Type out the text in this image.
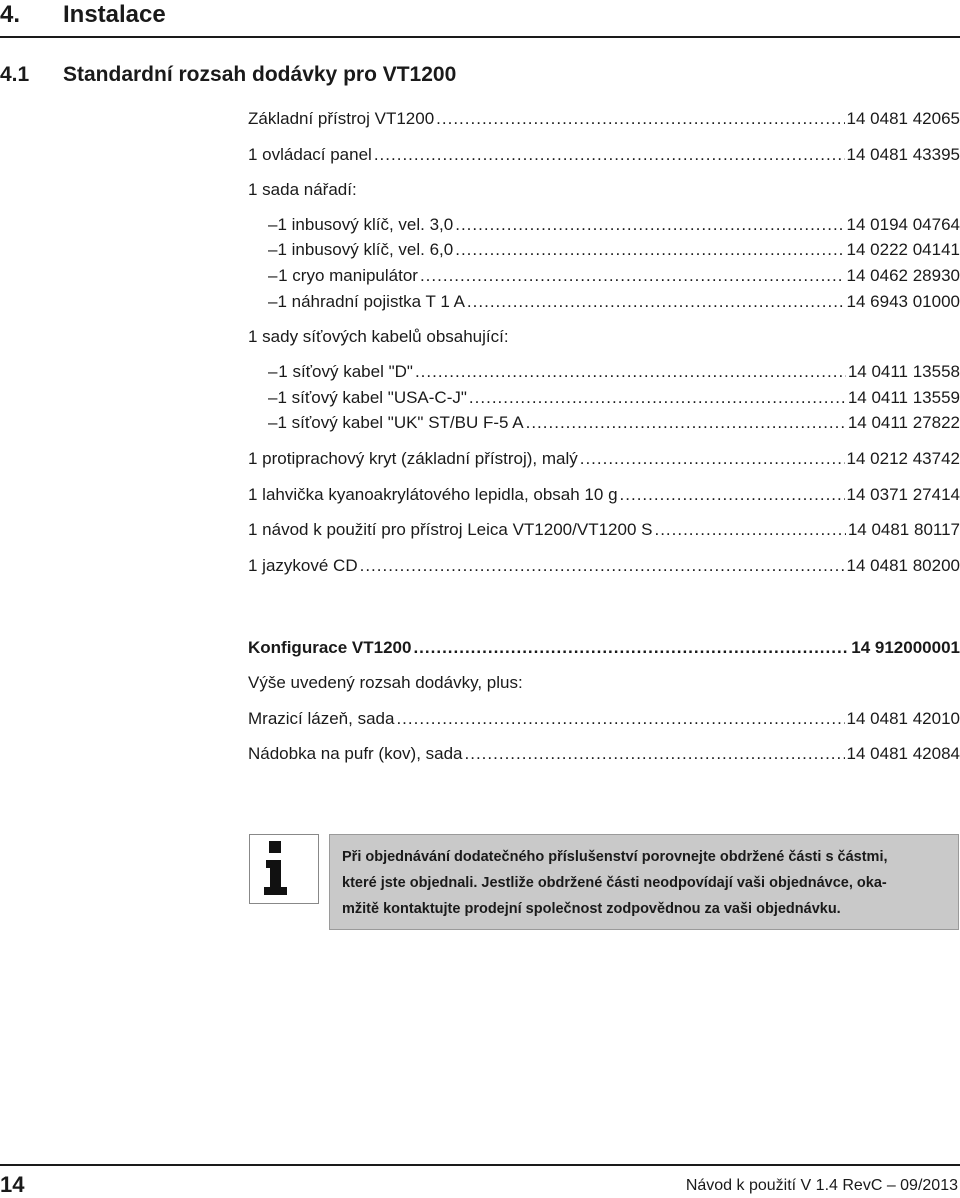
4. Instalace
4.1 Standardní rozsah dodávky pro VT1200
Základní přístroj VT1200 .....	14 0481 42065
1 ovládací panel .....	14 0481 43395
1 sada nářadí:
– 1 inbusový klíč, vel. 3,0 .....	14 0194 04764
– 1 inbusový klíč, vel. 6,0 .....	14 0222 04141
– 1 cryo manipulátor .....	14 0462 28930
– 1 náhradní pojistka T 1 A .....	14 6943 01000
1 sady síťových kabelů obsahující:
– 1 síťový kabel "D" .....	14 0411 13558
– 1 síťový kabel "USA-C-J" .....	14 0411 13559
– 1 síťový kabel "UK" ST/BU F-5 A .....	14 0411 27822
1 protiprachový kryt (základní přístroj), malý .....	14 0212 43742
1 lahvička kyanoakrylátového lepidla, obsah 10 g .....	14 0371 27414
1 návod k použití pro přístroj Leica VT1200/VT1200 S .....	14 0481 80117
1 jazykové CD .....	14 0481 80200
Konfigurace VT1200 .....	14 912000001
Výše uvedený rozsah dodávky, plus:
Mrazicí lázeň, sada .....	14 0481 42010
Nádobka na pufr (kov), sada .....	14 0481 42084

Při objednávání dodatečného příslušenství porovnejte obdržené části s částmi,

které jste objednali. Jestliže obdržené části neodpovídají vaši objednávce, oka-

mžitě kontaktujte prodejní společnost zodpovědnou za vaši objednávku.

14	Návod k použití V 1.4 RevC – 09/2013
